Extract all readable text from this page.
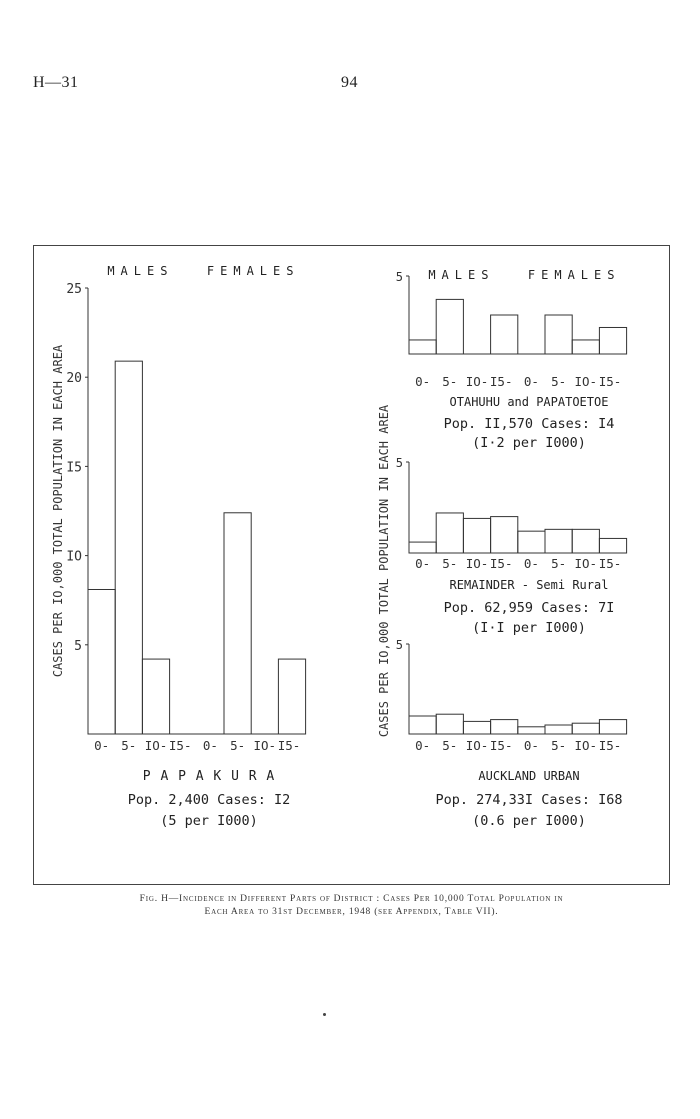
H—31	94
5
IO
I5
20
25
0- 5- IO- I5- 0- 5- IO- I5-
MALES	FEMALES
CASES PER IO,000 TOTAL POPULATION IN EACH AREA
P A P A K U R A
Pop. 2,400 Cases: I2
(5 per I000)
5
0- 5- IO- I5- 0- 5- IO- I5-
MALES	FEMALES
CASES PER IO,000 TOTAL POPULATION IN EACH AREA
OTAHUHU and PAPATOETOE
Pop. II,570 Cases: I4
(I·2 per I000)
5
0- 5- IO- I5- 0- 5- IO- I5-
REMAINDER - Semi Rural
Pop. 62,959 Cases: 7I
(I·I per I000)
5
0- 5- IO- I5- 0- 5- IO- I5-
AUCKLAND URBAN
Pop. 274,33I Cases: I68
(0.6 per I000)
Fig. H—Incidence in Different Parts of District : Cases Per 10,000 Total Population in
Each Area to 31st December, 1948 (see Appendix, Table VII).
